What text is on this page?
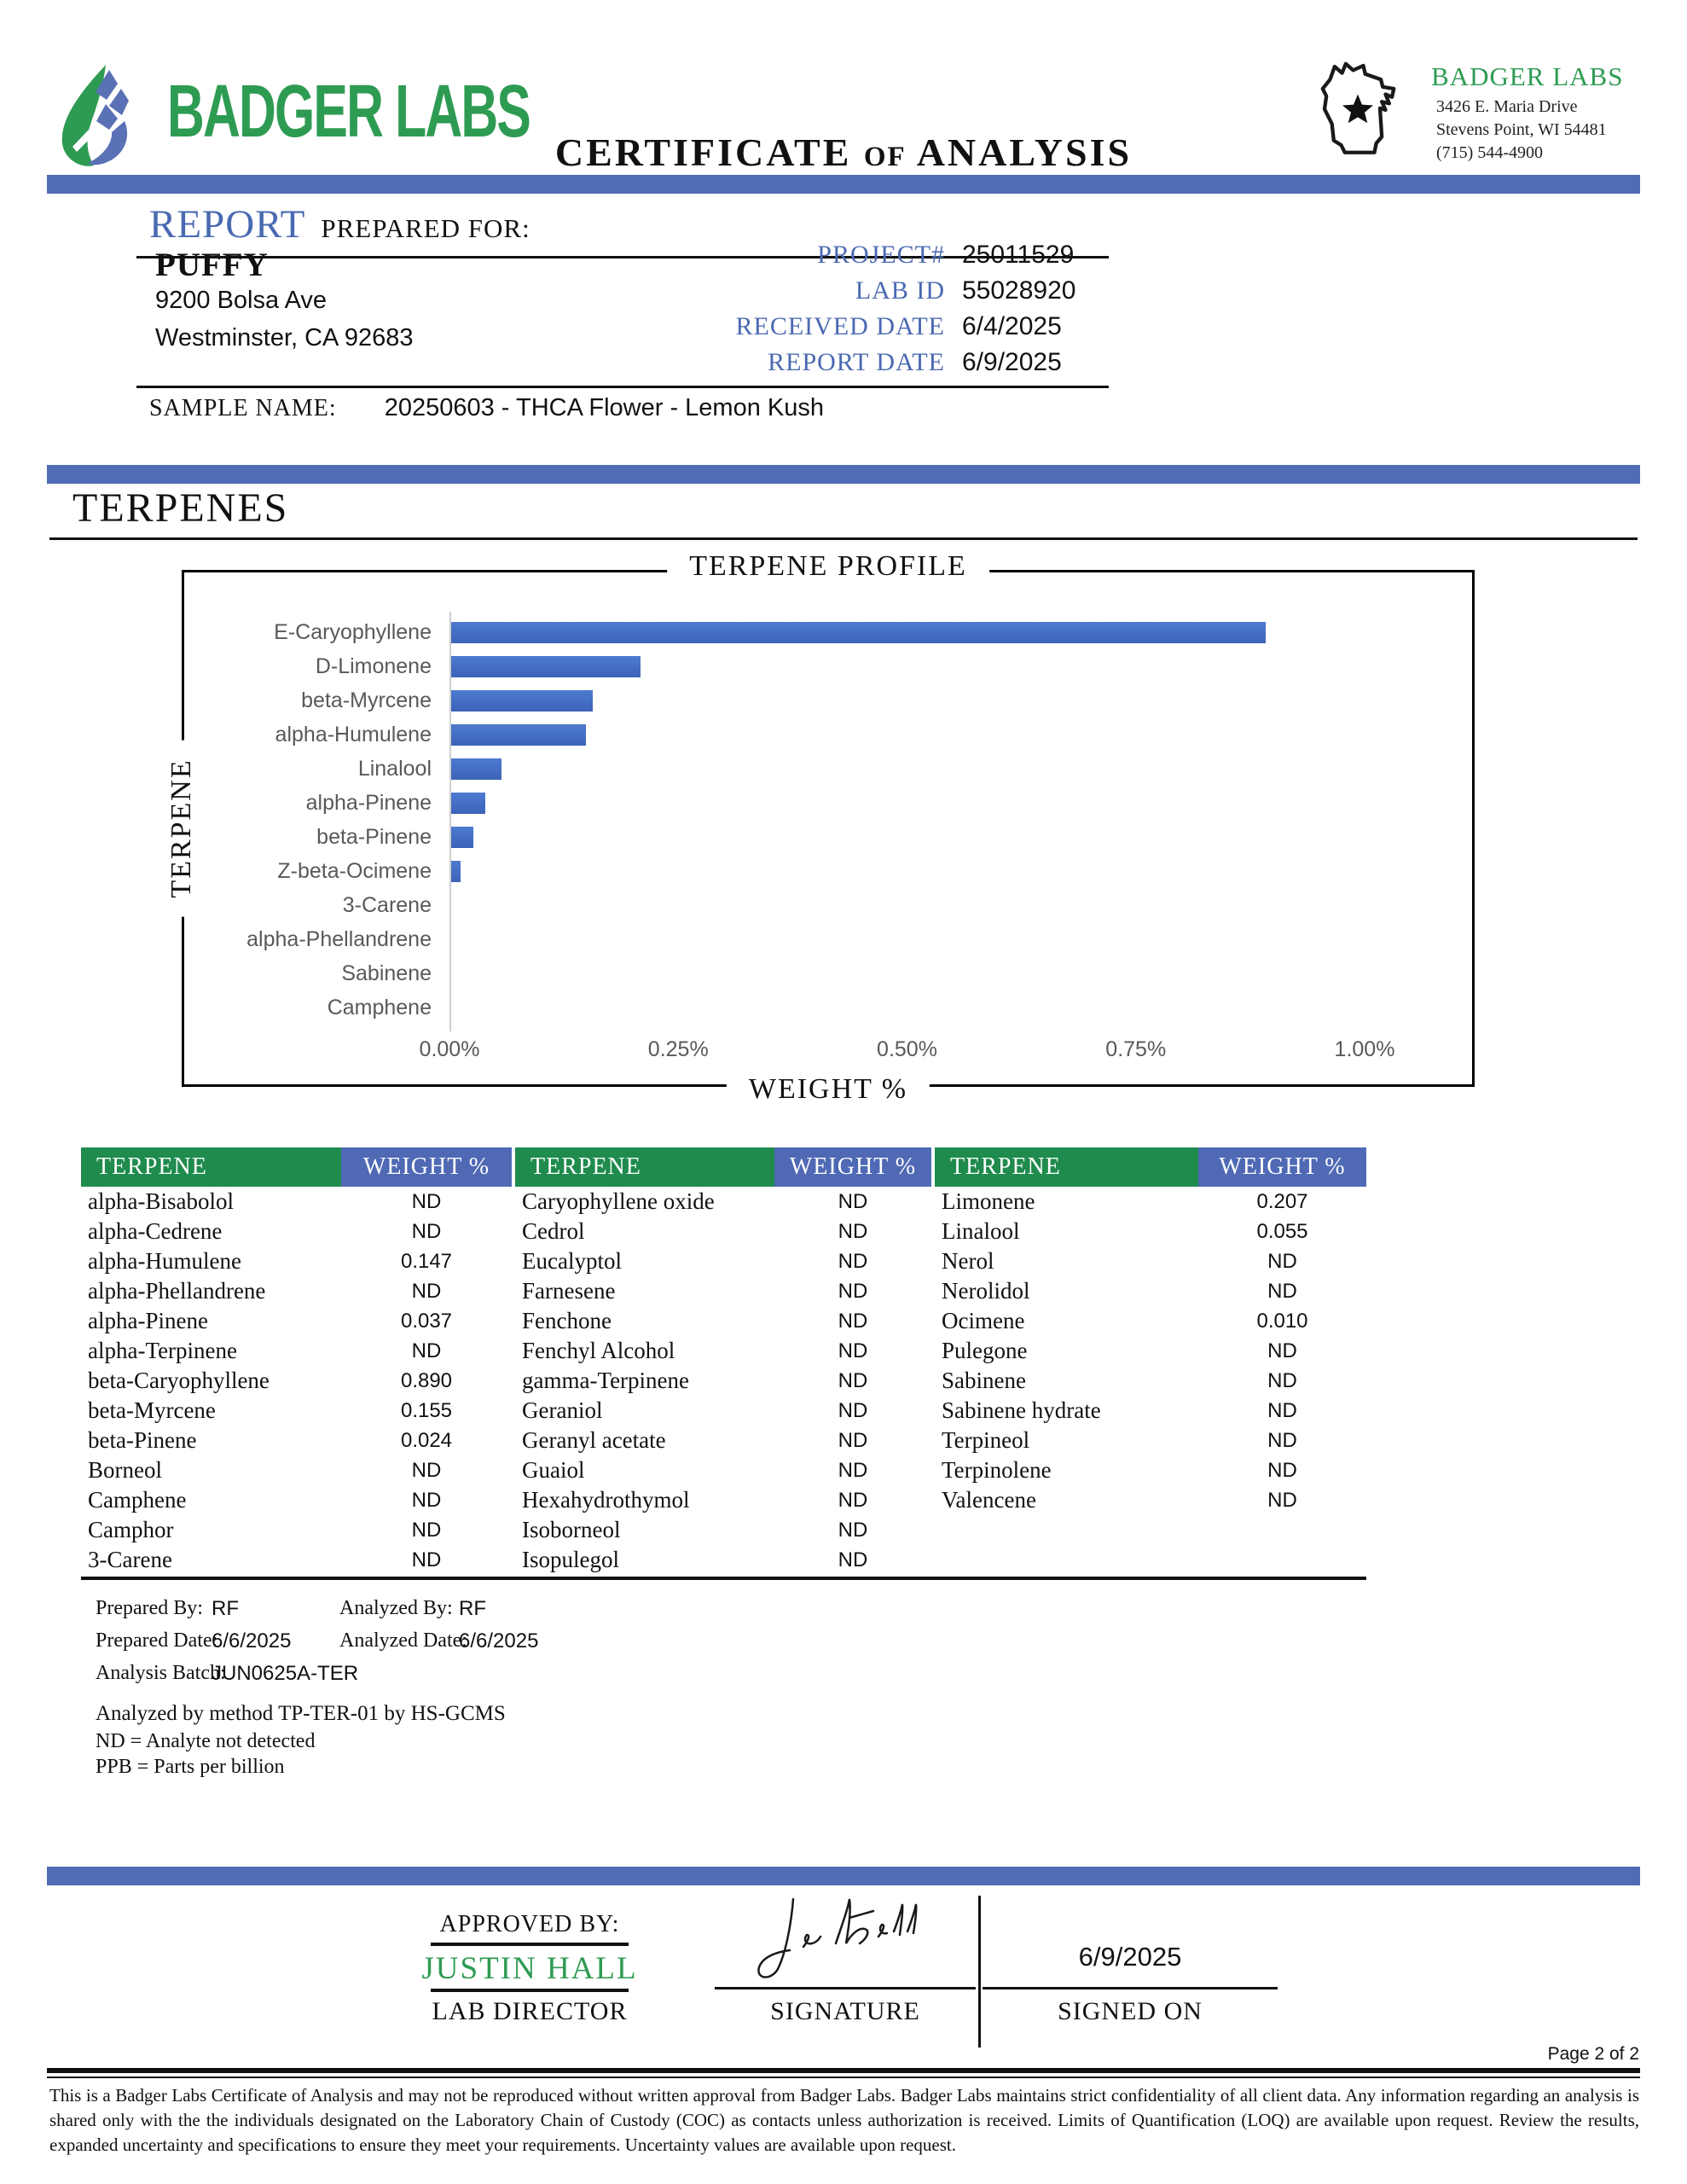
BADGER LABS CERTIFICATE OF ANALYSIS
BADGER LABS
3426 E. Maria Drive
Stevens Point, WI 54481
(715) 544-4900
REPORT PREPARED FOR:
PUFFY
9200 Bolsa Ave
Westminster, CA 92683
PROJECT# 25011529
LAB ID 55028920
RECEIVED DATE 6/4/2025
REPORT DATE 6/9/2025
SAMPLE NAME: 20250603 - THCA Flower - Lemon Kush
TERPENES
TERPENE PROFILE
TERPENE
WEIGHT %
E-Caryophyllene
D-Limonene
beta-Myrcene
alpha-Humulene
Linalool
alpha-Pinene
beta-Pinene
Z-beta-Ocimene
3-Carene
alpha-Phellandrene
Sabinene
Camphene
0.00%	0.25%	0.50%	0.75%	1.00%
TERPENE	WEIGHT %	TERPENE	WEIGHT %	TERPENE	WEIGHT %
alpha-Bisabolol	ND	Caryophyllene oxide	ND	Limonene	0.207
alpha-Cedrene	ND	Cedrol	ND	Linalool	0.055
alpha-Humulene	0.147	Eucalyptol	ND	Nerol	ND
alpha-Phellandrene	ND	Farnesene	ND	Nerolidol	ND
alpha-Pinene	0.037	Fenchone	ND	Ocimene	0.010
alpha-Terpinene	ND	Fenchyl Alcohol	ND	Pulegone	ND
beta-Caryophyllene	0.890	gamma-Terpinene	ND	Sabinene	ND
beta-Myrcene	0.155	Geraniol	ND	Sabinene hydrate	ND
beta-Pinene	0.024	Geranyl acetate	ND	Terpineol	ND
Borneol	ND	Guaiol	ND	Terpinolene	ND
Camphene	ND	Hexahydrothymol	ND	Valencene	ND
Camphor	ND	Isoborneol	ND
3-Carene	ND	Isopulegol	ND
Prepared By: RF	Analyzed By: RF
Prepared Date:
6/6/2025 Analyzed Date:
6/6/2025
Analysis Batch:
JUN0625A-TER
Analyzed by method TP-TER-01 by HS-GCMS
ND = Analyte not detected
PPB = Parts per billion
APPROVED BY:
JUSTIN HALL
LAB DIRECTOR
6/9/2025
SIGNATURE	SIGNED ON
Page 2 of 2
This is a Badger Labs Certificate of Analysis and may not be reproduced without written approval from Badger Labs. Badger Labs maintains strict confidentiality of all client data. Any information regarding an analysis is shared only with the the individuals designated on the Laboratory Chain of Custody (COC) as contacts unless authorization is received. Limits of Quantification (LOQ) are available upon request. Review the results, expanded uncertainty and specifications to ensure they meet your requirements. Uncertainty values are available upon request.
